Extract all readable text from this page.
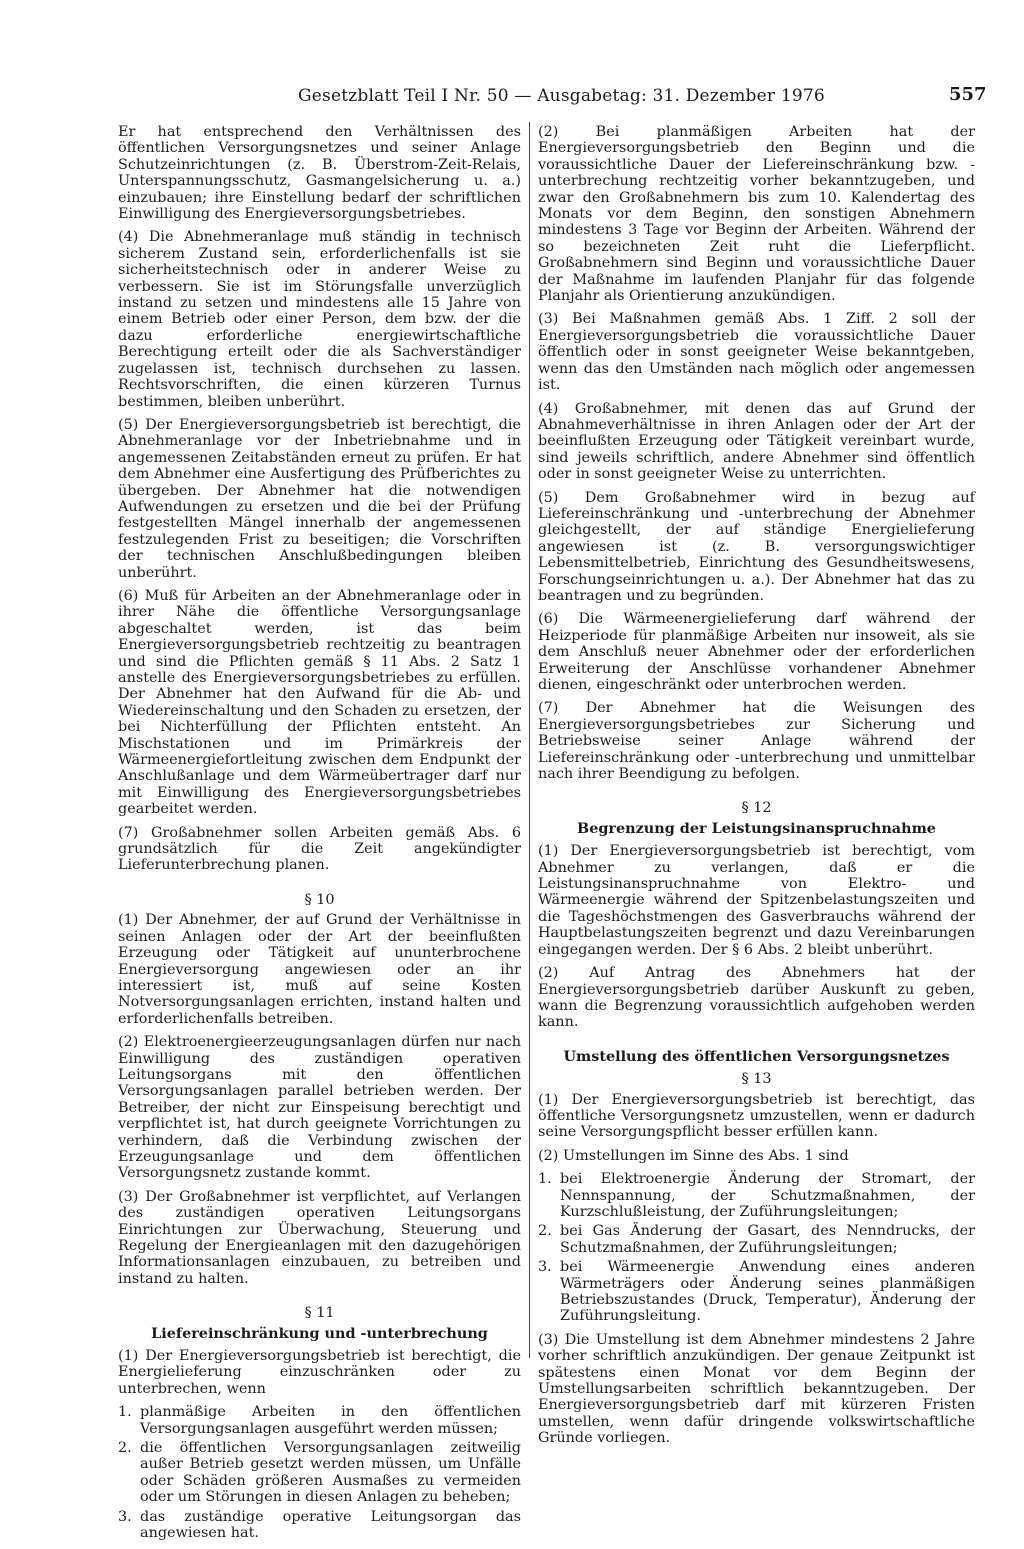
Gesetzblatt Teil I Nr. 50 — Ausgabetag: 31. Dezember 1976	557

Er hat entsprechend den Verhältnissen des öffentlichen Versorgungsnetzes und seiner Anlage Schutzeinrichtungen (z. B. Überstrom-Zeit-Relais, Unterspannungsschutz, Gasmangelsicherung u. a.) einzubauen; ihre Einstellung bedarf der schriftlichen Einwilligung des Energieversorgungsbetriebes.

(4) Die Abnehmeranlage muß ständig in technisch sicherem Zustand sein, erforderlichenfalls ist sie sicherheitstechnisch oder in anderer Weise zu verbessern. Sie ist im Störungsfalle unverzüglich instand zu setzen und mindestens alle 15 Jahre von einem Betrieb oder einer Person, dem bzw. der die dazu erforderliche energiewirtschaftliche Berechtigung erteilt oder die als Sachverständiger zugelassen ist, technisch durchsehen zu lassen. Rechtsvorschriften, die einen kürzeren Turnus bestimmen, bleiben unberührt.

(5) Der Energieversorgungsbetrieb ist berechtigt, die Abnehmeranlage vor der Inbetriebnahme und in angemessenen Zeitabständen erneut zu prüfen. Er hat dem Abnehmer eine Ausfertigung des Prüfberichtes zu übergeben. Der Abnehmer hat die notwendigen Aufwendungen zu ersetzen und die bei der Prüfung festgestellten Mängel innerhalb der angemessenen festzulegenden Frist zu beseitigen; die Vorschriften der technischen Anschlußbedingungen bleiben unberührt.

(6) Muß für Arbeiten an der Abnehmeranlage oder in ihrer Nähe die öffentliche Versorgungsanlage abgeschaltet werden, ist das beim Energieversorgungsbetrieb rechtzeitig zu beantragen und sind die Pflichten gemäß § 11 Abs. 2 Satz 1 anstelle des Energieversorgungsbetriebes zu erfüllen. Der Abnehmer hat den Aufwand für die Ab- und Wiedereinschaltung und den Schaden zu ersetzen, der bei Nichterfüllung der Pflichten entsteht. An Mischstationen und im Primärkreis der Wärmeenergiefortleitung zwischen dem Endpunkt der Anschlußanlage und dem Wärmeübertrager darf nur mit Einwilligung des Energieversorgungsbetriebes gearbeitet werden.

(7) Großabnehmer sollen Arbeiten gemäß Abs. 6 grundsätzlich für die Zeit angekündigter Lieferunterbrechung planen.

§ 10

(1) Der Abnehmer, der auf Grund der Verhältnisse in seinen Anlagen oder der Art der beeinflußten Erzeugung oder Tätigkeit auf ununterbrochene Energieversorgung angewiesen oder an ihr interessiert ist, muß auf seine Kosten Notversorgungsanlagen errichten, instand halten und erforderlichenfalls betreiben.

(2) Elektroenergieerzeugungsanlagen dürfen nur nach Einwilligung des zuständigen operativen Leitungsorgans mit den öffentlichen Versorgungsanlagen parallel betrieben werden. Der Betreiber, der nicht zur Einspeisung berechtigt und verpflichtet ist, hat durch geeignete Vorrichtungen zu verhindern, daß die Verbindung zwischen der Erzeugungsanlage und dem öffentlichen Versorgungsnetz zustande kommt.

(3) Der Großabnehmer ist verpflichtet, auf Verlangen des zuständigen operativen Leitungsorgans Einrichtungen zur Überwachung, Steuerung und Regelung der Energieanlagen mit den dazugehörigen Informationsanlagen einzubauen, zu betreiben und instand zu halten.

§ 11
Liefereinschränkung und -unterbrechung

(1) Der Energieversorgungsbetrieb ist berechtigt, die Energielieferung einzuschränken oder zu unterbrechen, wenn

1. planmäßige Arbeiten in den öffentlichen Versorgungsanlagen ausgeführt werden müssen;
2. die öffentlichen Versorgungsanlagen zeitweilig außer Betrieb gesetzt werden müssen, um Unfälle oder Schäden größeren Ausmaßes zu vermeiden oder um Störungen in diesen Anlagen zu beheben;
3. das zuständige operative Leitungsorgan das angewiesen hat.

(2) Bei planmäßigen Arbeiten hat der Energieversorgungsbetrieb den Beginn und die voraussichtliche Dauer der Liefereinschränkung bzw. -unterbrechung rechtzeitig vorher bekanntzugeben, und zwar den Großabnehmern bis zum 10. Kalendertag des Monats vor dem Beginn, den sonstigen Abnehmern mindestens 3 Tage vor Beginn der Arbeiten. Während der so bezeichneten Zeit ruht die Lieferpflicht. Großabnehmern sind Beginn und voraussichtliche Dauer der Maßnahme im laufenden Planjahr für das folgende Planjahr als Orientierung anzukündigen.

(3) Bei Maßnahmen gemäß Abs. 1 Ziff. 2 soll der Energieversorgungsbetrieb die voraussichtliche Dauer öffentlich oder in sonst geeigneter Weise bekanntgeben, wenn das den Umständen nach möglich oder angemessen ist.

(4) Großabnehmer, mit denen das auf Grund der Abnahmeverhältnisse in ihren Anlagen oder der Art der beeinflußten Erzeugung oder Tätigkeit vereinbart wurde, sind jeweils schriftlich, andere Abnehmer sind öffentlich oder in sonst geeigneter Weise zu unterrichten.

(5) Dem Großabnehmer wird in bezug auf Liefereinschränkung und -unterbrechung der Abnehmer gleichgestellt, der auf ständige Energielieferung angewiesen ist (z. B. versorgungswichtiger Lebensmittelbetrieb, Einrichtung des Gesundheitswesens, Forschungseinrichtungen u. a.). Der Abnehmer hat das zu beantragen und zu begründen.

(6) Die Wärmeenergielieferung darf während der Heizperiode für planmäßige Arbeiten nur insoweit, als sie dem Anschluß neuer Abnehmer oder der erforderlichen Erweiterung der Anschlüsse vorhandener Abnehmer dienen, eingeschränkt oder unterbrochen werden.

(7) Der Abnehmer hat die Weisungen des Energieversorgungsbetriebes zur Sicherung und Betriebsweise seiner Anlage während der Liefereinschränkung oder -unterbrechung und unmittelbar nach ihrer Beendigung zu befolgen.

§ 12
Begrenzung der Leistungsinanspruchnahme

(1) Der Energieversorgungsbetrieb ist berechtigt, vom Abnehmer zu verlangen, daß er die Leistungsinanspruchnahme von Elektro- und Wärmeenergie während der Spitzenbelastungszeiten und die Tageshöchstmengen des Gasverbrauchs während der Hauptbelastungszeiten begrenzt und dazu Vereinbarungen eingegangen werden. Der § 6 Abs. 2 bleibt unberührt.

(2) Auf Antrag des Abnehmers hat der Energieversorgungsbetrieb darüber Auskunft zu geben, wann die Begrenzung voraussichtlich aufgehoben werden kann.

Umstellung des öffentlichen Versorgungsnetzes
§ 13

(1) Der Energieversorgungsbetrieb ist berechtigt, das öffentliche Versorgungsnetz umzustellen, wenn er dadurch seine Versorgungspflicht besser erfüllen kann.

(2) Umstellungen im Sinne des Abs. 1 sind

1. bei Elektroenergie Änderung der Stromart, der Nennspannung, der Schutzmaßnahmen, der Kurzschlußleistung, der Zuführungsleitungen;
2. bei Gas Änderung der Gasart, des Nenndrucks, der Schutzmaßnahmen, der Zuführungsleitungen;
3. bei Wärmeenergie Anwendung eines anderen Wärmeträgers oder Änderung seines planmäßigen Betriebszustandes (Druck, Temperatur), Änderung der Zuführungsleitung.

(3) Die Umstellung ist dem Abnehmer mindestens 2 Jahre vorher schriftlich anzukündigen. Der genaue Zeitpunkt ist spätestens einen Monat vor dem Beginn der Umstellungsarbeiten schriftlich bekanntzugeben. Der Energieversorgungsbetrieb darf mit kürzeren Fristen umstellen, wenn dafür dringende volkswirtschaftliche Gründe vorliegen.
